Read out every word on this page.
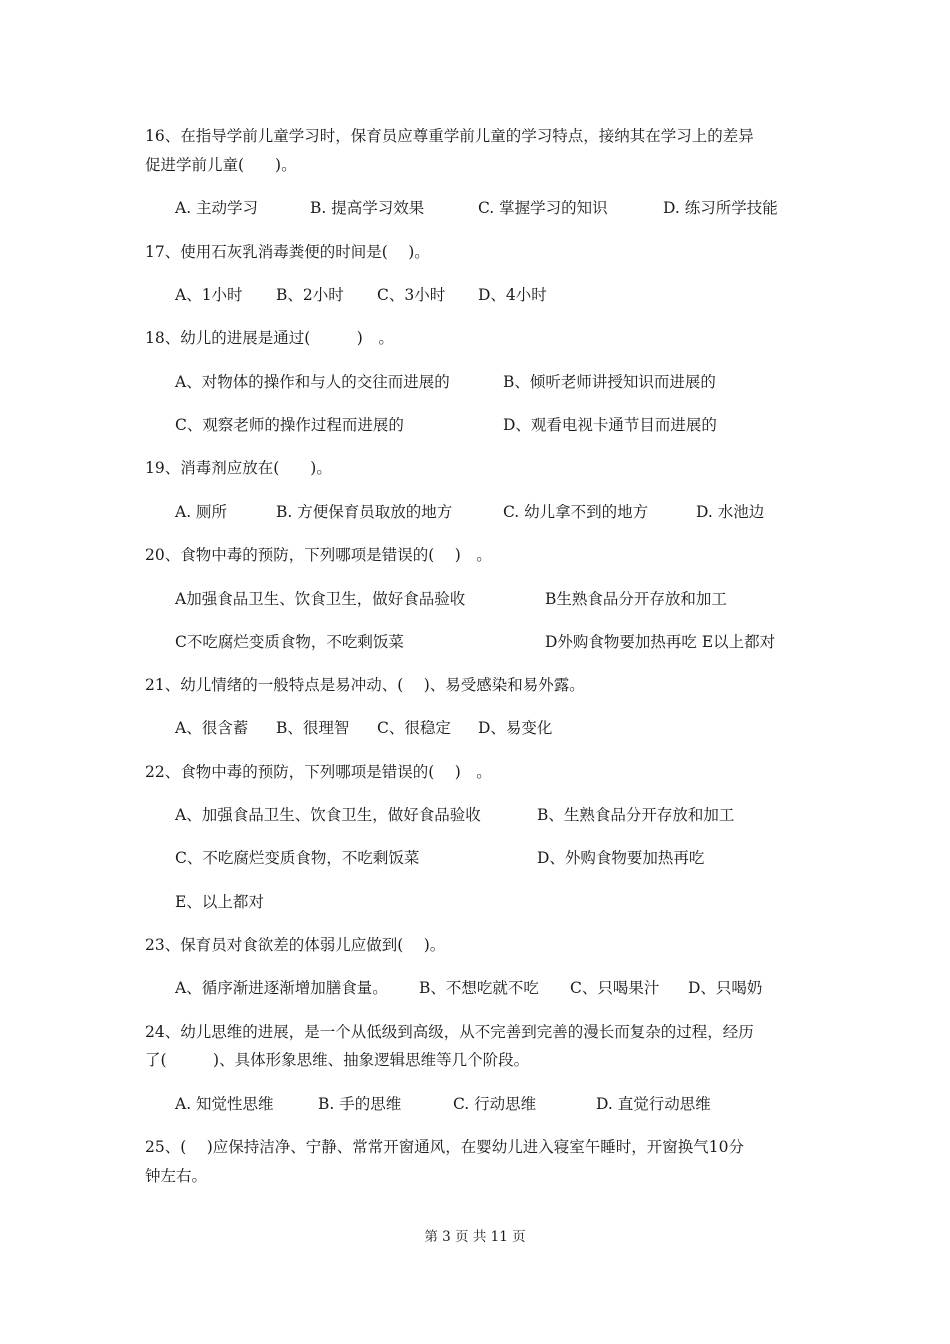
16、在指导学前儿童学习时，保育员应尊重学前儿童的学习特点，接纳其在学习上的差异
促进学前儿童(　　)。
A. 主动学习	B. 提高学习效果	C. 掌握学习的知识	D. 练习所学技能
17、使用石灰乳消毒粪便的时间是(　 )。
A、1小时 B、2小时 C、3小时 D、4小时
18、幼儿的进展是通过(　　　)　。
A、对物体的操作和与人的交往而进展的	B、倾听老师讲授知识而进展的
C、观察老师的操作过程而进展的	D、观看电视卡通节目而进展的
19、消毒剂应放在(　　)。
A. 厕所	B. 方便保育员取放的地方	C. 幼儿拿不到的地方	D. 水池边
20、食物中毒的预防，下列哪项是错误的(　 )　。
A加强食品卫生、饮食卫生，做好食品验收	B生熟食品分开存放和加工
C不吃腐烂变质食物，不吃剩饭菜	D外购食物要加热再吃 E以上都对
21、幼儿情绪的一般特点是易冲动、(　 )、易受感染和易外露。
A、很含蓄 B、很理智 C、很稳定 D、易变化
22、食物中毒的预防，下列哪项是错误的(　 )　。
A、加强食品卫生、饮食卫生，做好食品验收	B、生熟食品分开存放和加工
C、不吃腐烂变质食物，不吃剩饭菜	D、外购食物要加热再吃
E、以上都对
23、保育员对食欲差的体弱儿应做到(　 )。
A、循序渐进逐渐增加膳食量。 B、不想吃就不吃 C、只喝果汁 D、只喝奶
24、幼儿思维的进展，是一个从低级到高级，从不完善到完善的漫长而复杂的过程，经历
了(　　　)、具体形象思维、抽象逻辑思维等几个阶段。
A. 知觉性思维	B. 手的思维	C. 行动思维	D. 直觉行动思维
25、(　 )应保持洁净、宁静、常常开窗通风，在婴幼儿进入寝室午睡时，开窗换气10分
钟左右。
第 3 页 共 11 页
